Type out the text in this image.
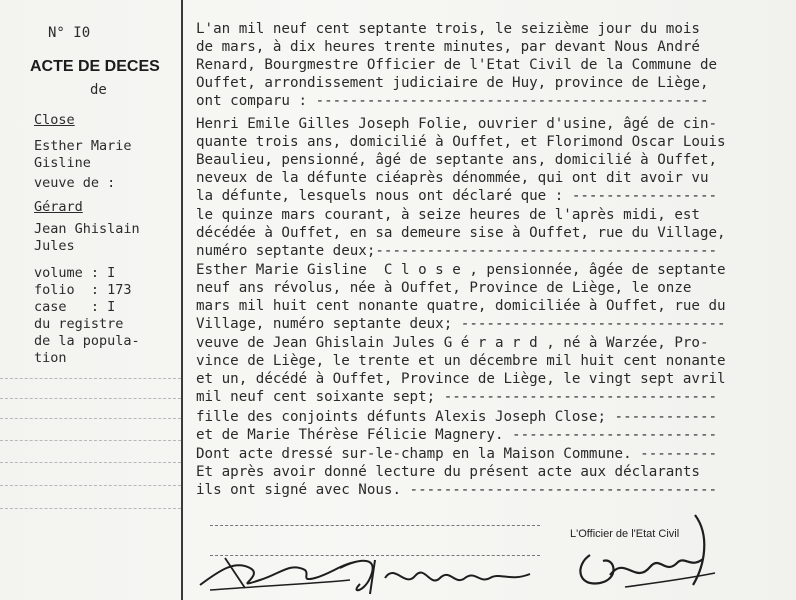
N° I0
ACTE DE DECES
de
Close
Esther Marie
Gisline
veuve de :
Gérard
Jean Ghislain
Jules
volume : I
folio  : 173
case   : I
du registre
de la popula-
tion
L'an mil neuf cent septante trois, le seizième jour du mois
de mars, à dix heures trente minutes, par devant Nous André
Renard, Bourgmestre Officier de l'Etat Civil de la Commune de
Ouffet, arrondissement judiciaire de Huy, province de Liège,
ont comparu : ----------------------------------------------
Henri Emile Gilles Joseph Folie, ouvrier d'usine, âgé de cin-
quante trois ans, domicilié à Ouffet, et Florimond Oscar Louis
Beaulieu, pensionné, âgé de septante ans, domicilié à Ouffet,
neveux de la défunte ciéaprès dénommée, qui ont dit avoir vu
la défunte, lesquels nous ont déclaré que : -----------------
le quinze mars courant, à seize heures de l'après midi, est
décédée à Ouffet, en sa demeure sise à Ouffet, rue du Village,
numéro septante deux;----------------------------------------
Esther Marie Gisline  C l o s e , pensionnée, âgée de septante
neuf ans révolus, née à Ouffet, Province de Liège, le onze
mars mil huit cent nonante quatre, domiciliée à Ouffet, rue du
Village, numéro septante deux; -------------------------------
veuve de Jean Ghislain Jules G é r a r d , né à Warzée, Pro-
vince de Liège, le trente et un décembre mil huit cent nonante
et un, décédé à Ouffet, Province de Liège, le vingt sept avril
mil neuf cent soixante sept; --------------------------------
fille des conjoints défunts Alexis Joseph Close; ------------
et de Marie Thérèse Félicie Magnery. ------------------------
Dont acte dressé sur-le-champ en la Maison Commune. ---------
Et après avoir donné lecture du présent acte aux déclarants
ils ont signé avec Nous. ------------------------------------
L'Officier de l'Etat Civil
